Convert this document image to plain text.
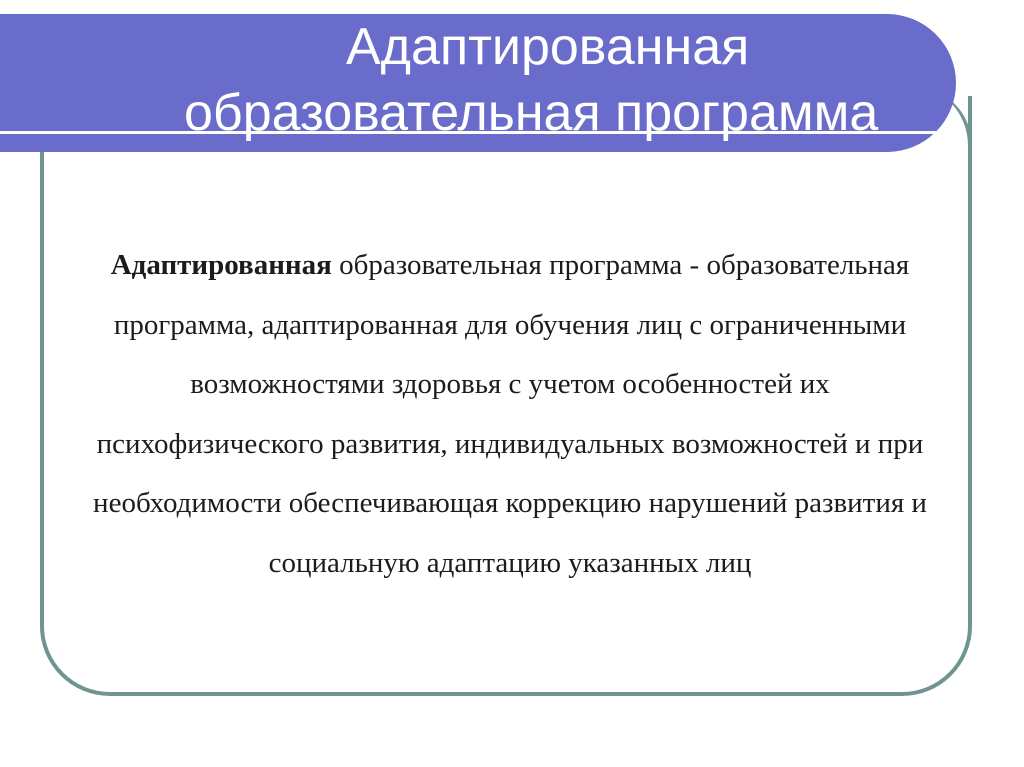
Адаптированная
образовательная программа
Адаптированная образовательная программа - образовательная программа, адаптированная для обучения лиц с ограниченными возможностями здоровья с учетом особенностей их психофизического развития, индивидуальных возможностей и при необходимости обеспечивающая коррекцию нарушений развития и социальную адаптацию указанных лиц
